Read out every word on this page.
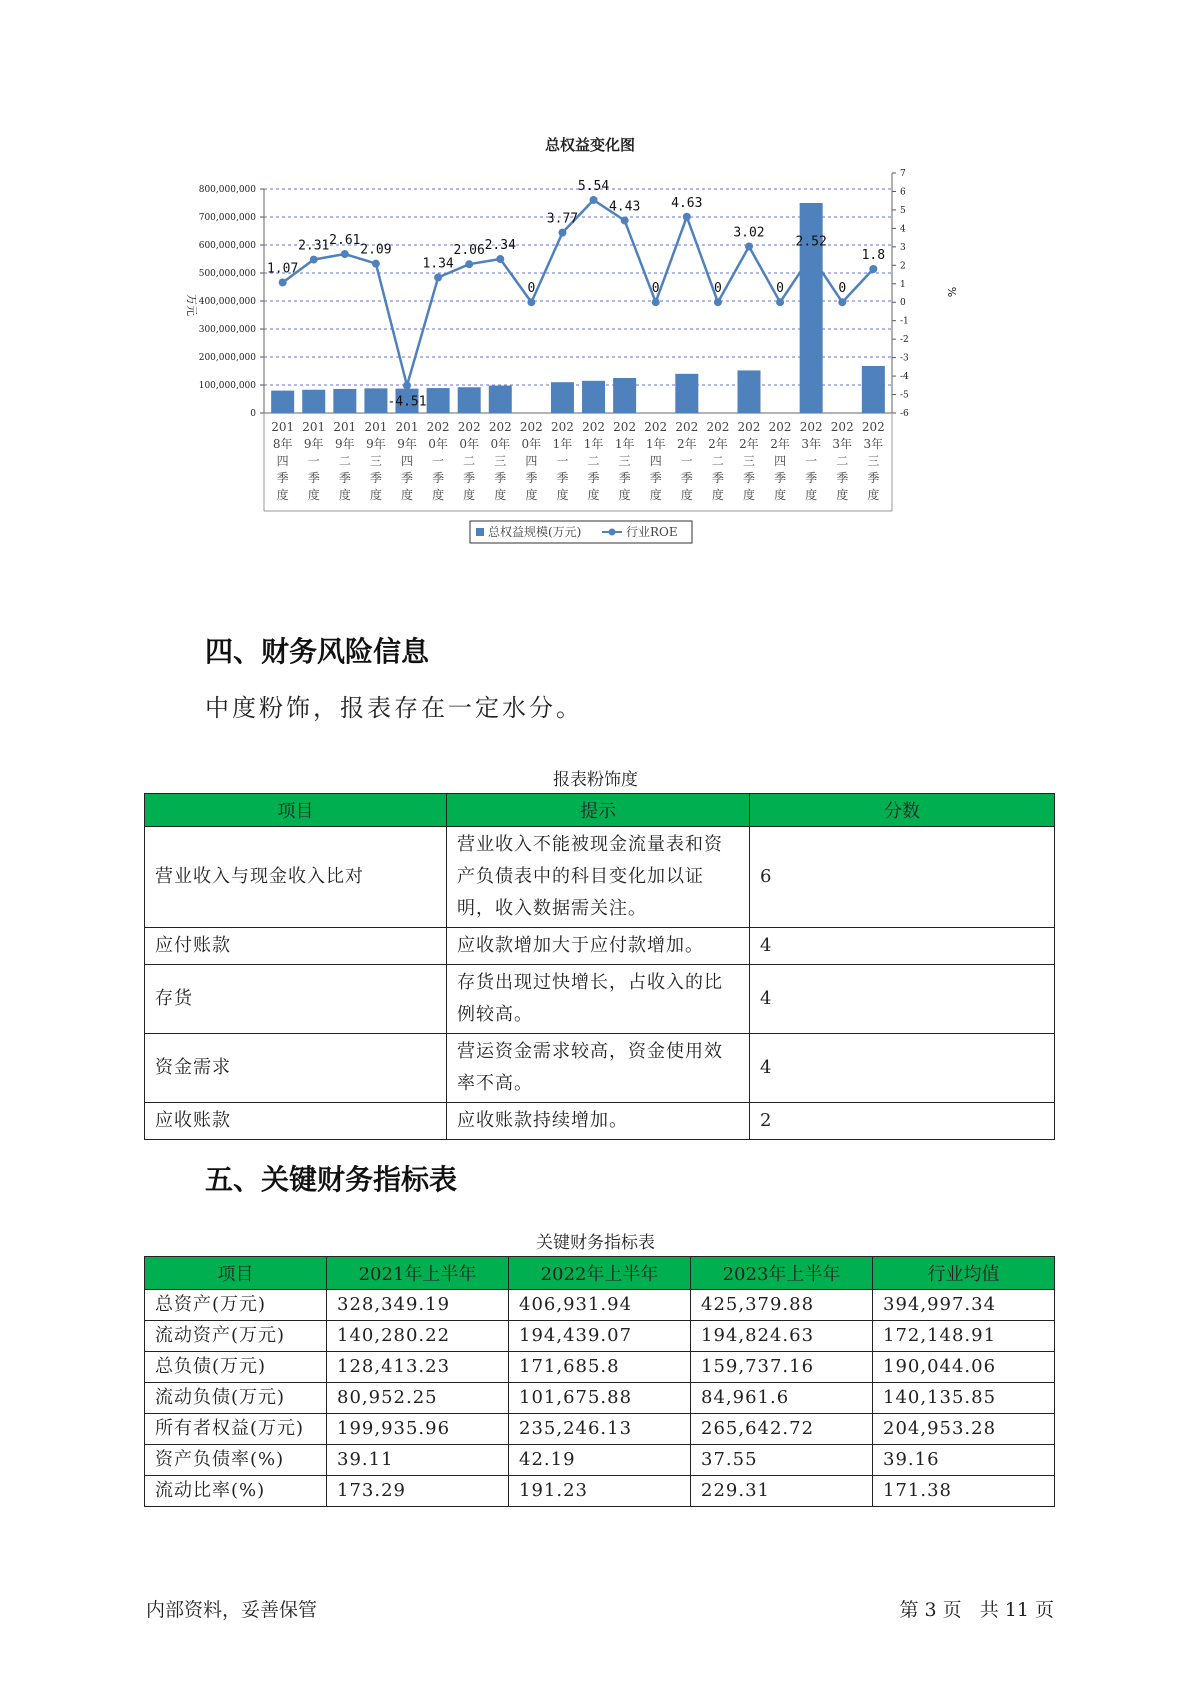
总权益变化图
0
100,000,000
200,000,000
300,000,000
400,000,000
500,000,000
600,000,000
700,000,000
800,000,000
-6
-5
-4
-3
-2
-1
0
1
2
3
4
5
6
7
万元
%
201 8年四季度
201 9年一季度
201 9年二季度
201 9年三季度
201 9年四季度
202 0年一季度
202 0年二季度
202 0年三季度
202 0年四季度
202 1年一季度
202 1年二季度
202 1年三季度
202 1年四季度
202 2年一季度
202 2年二季度
202 2年三季度
202 2年四季度
202 3年一季度
202 3年二季度
202 3年三季度
1.07
2.31 2.61
2.09
-4.51
1.34
2.06 2.34
0
3.77
5.54
4.43
0
4.63
0
3.02
0
2.52
0
1.8
总权益规模(万元)	行业ROE
四、财务风险信息

中度粉饰，报表存在一定水分。

报表粉饰度
项目	提示	分数
营业收入与现金收入比对	营业收入不能被现金流量表和资产负债表中的科目变化加以证明，收入数据需关注。	6
应付账款	应收款增加大于应付款增加。	4
存货	存货出现过快增长，占收入的比例较高。	4
资金需求	营运资金需求较高，资金使用效率不高。	4
应收账款	应收账款持续增加。	2
五、关键财务指标表
关键财务指标表
项目	2021年上半年	2022年上半年	2023年上半年	行业均值
总资产(万元)	328,349.19	406,931.94	425,379.88	394,997.34
流动资产(万元)	140,280.22	194,439.07	194,824.63	172,148.91
总负债(万元)	128,413.23	171,685.8	159,737.16	190,044.06
流动负债(万元)	80,952.25	101,675.88	84,961.6	140,135.85
所有者权益(万元)	199,935.96	235,246.13	265,642.72	204,953.28
资产负债率(%)	39.11	42.19	37.55	39.16
流动比率(%)	173.29	191.23	229.31	171.38
内部资料，妥善保管	第 3 页   共 11 页
